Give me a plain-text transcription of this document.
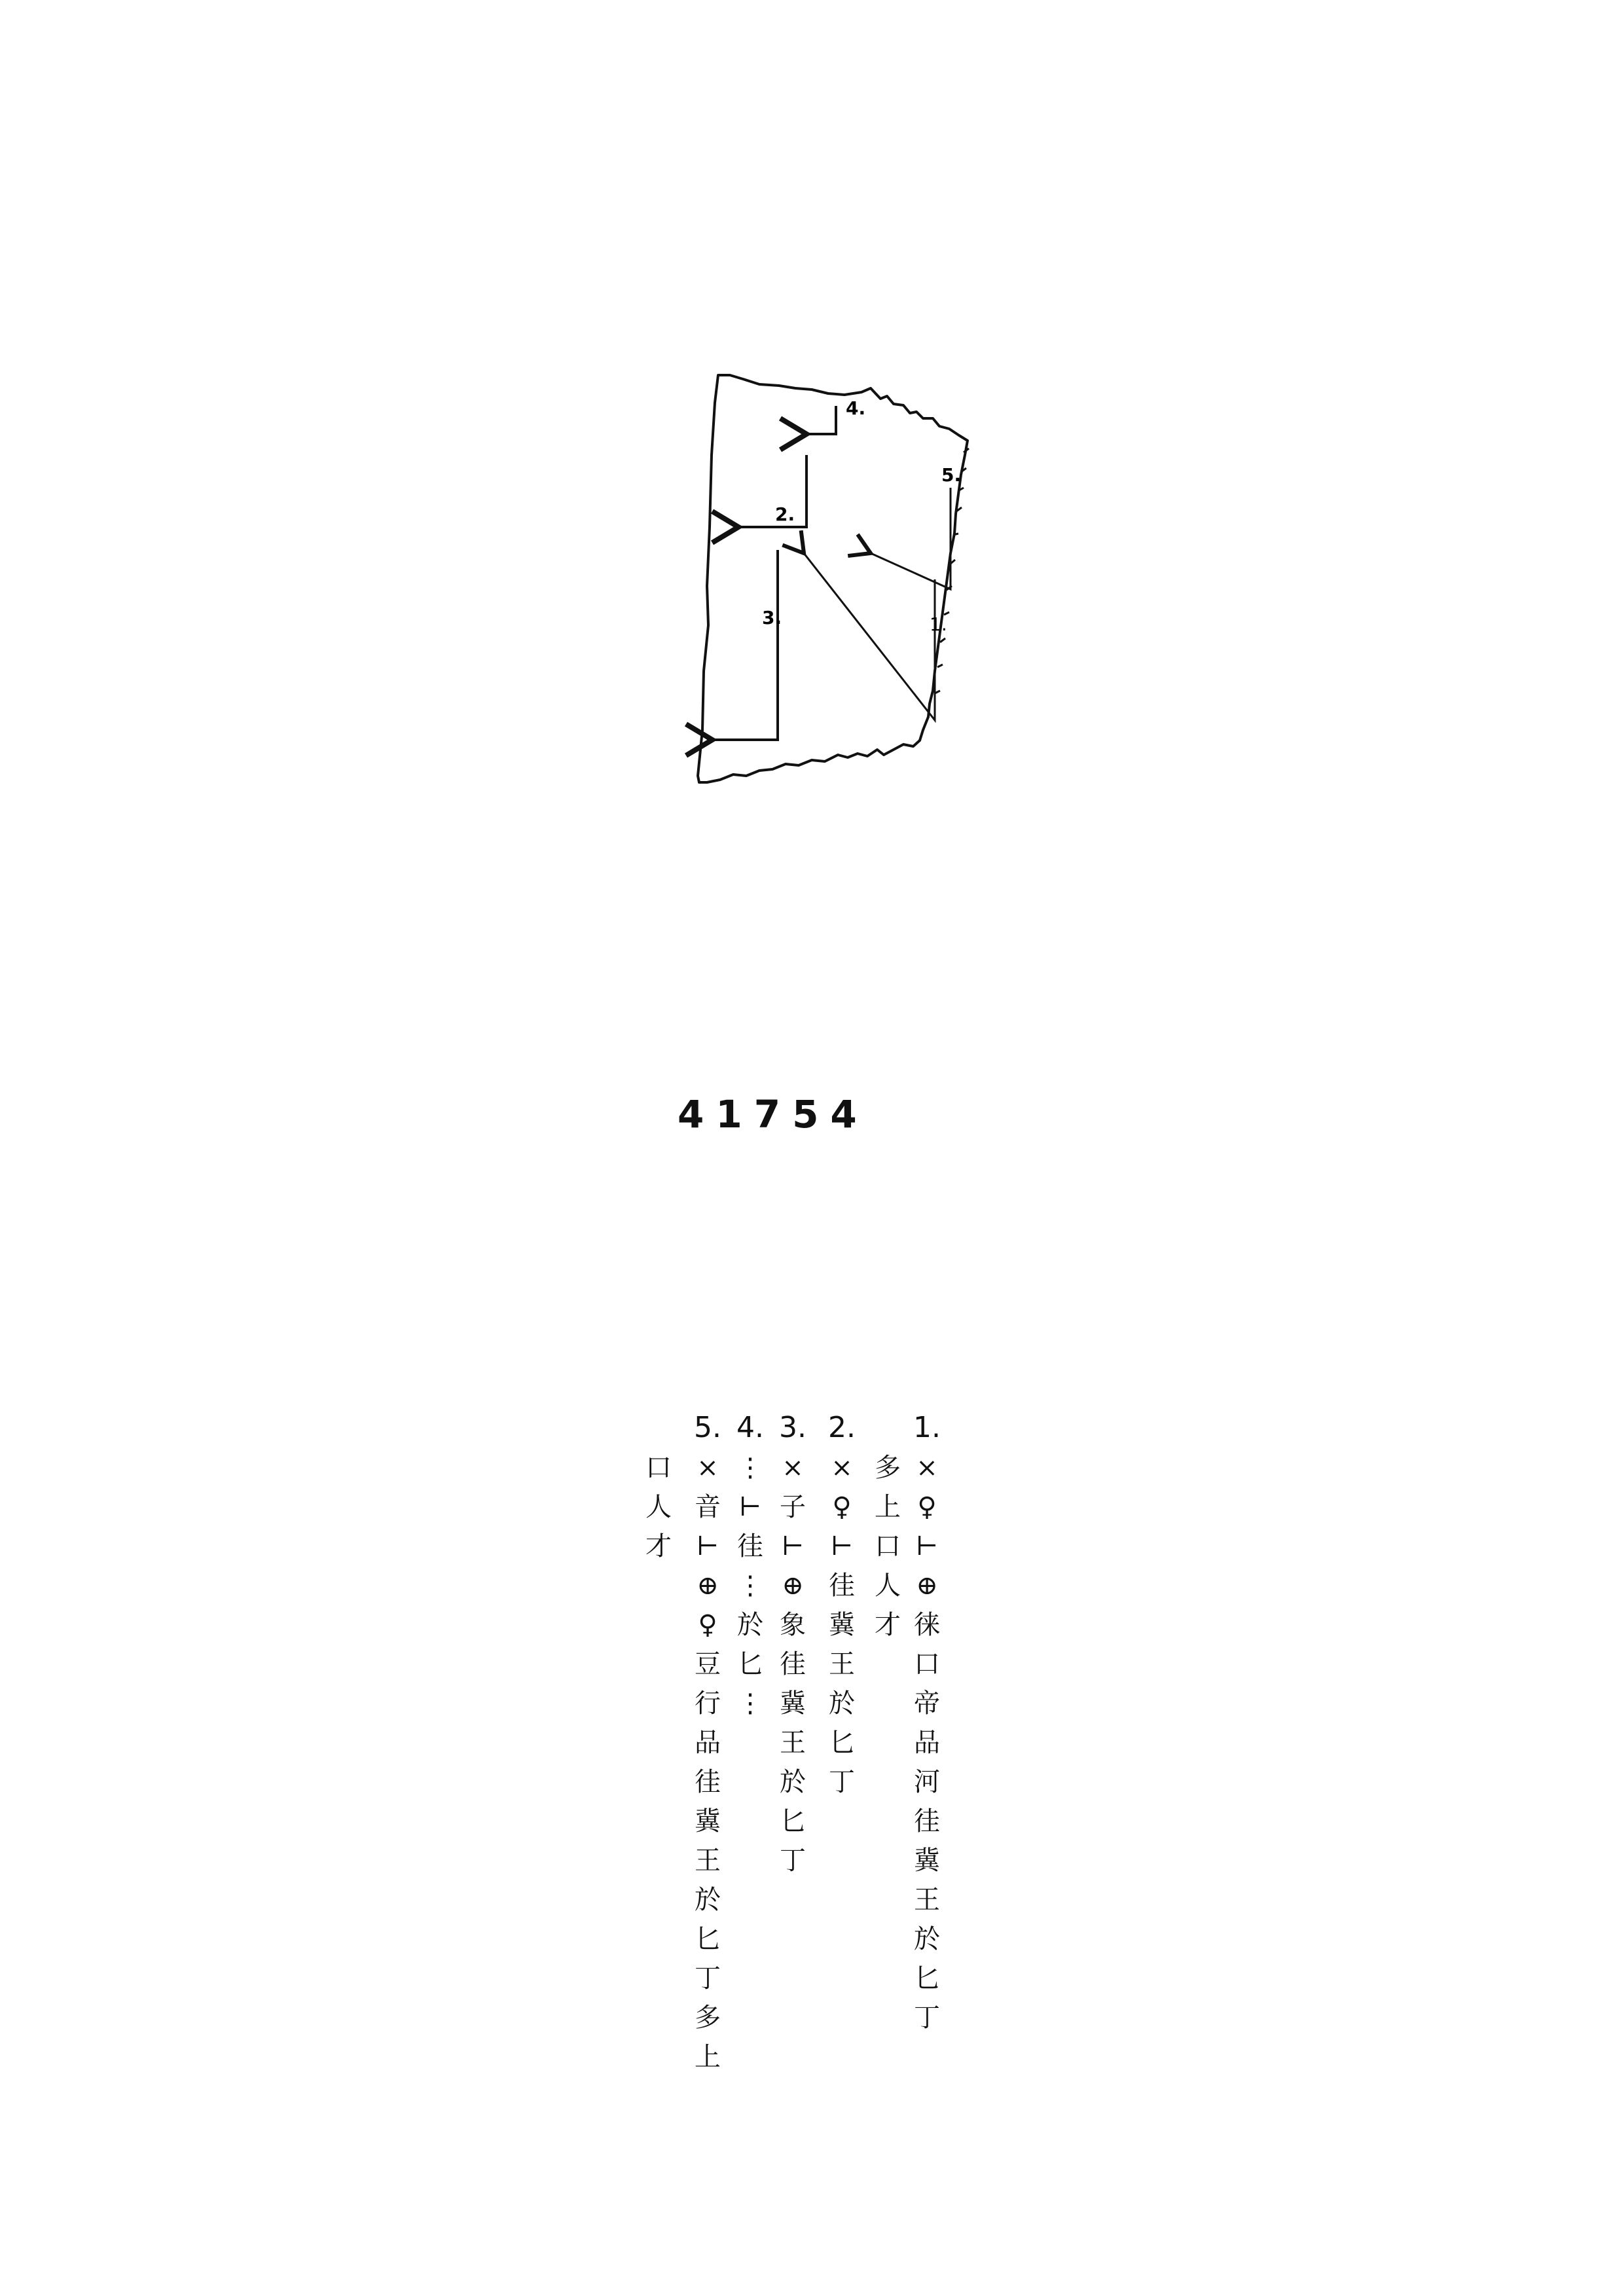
4.
2.
3.	1.
5.
41754
1.
⨯
♀
⊢
⊕
徕
口
帝
品
河
徍
冀
王
於
匕
丁
多
上
口
人
才
2.
⨯
♀
⊢
徍
冀
王
於
匕
丁
3.
⨯
子
⊢
⊕
象
徍
冀
王
於
匕
丁
4.
⋮
⊢
徍
⋮
於
匕
⋮
5.
⨯
音
⊢
⊕
♀
豆
行
品
徍
冀
王
於
匕
丁
多
上
口
人
才
